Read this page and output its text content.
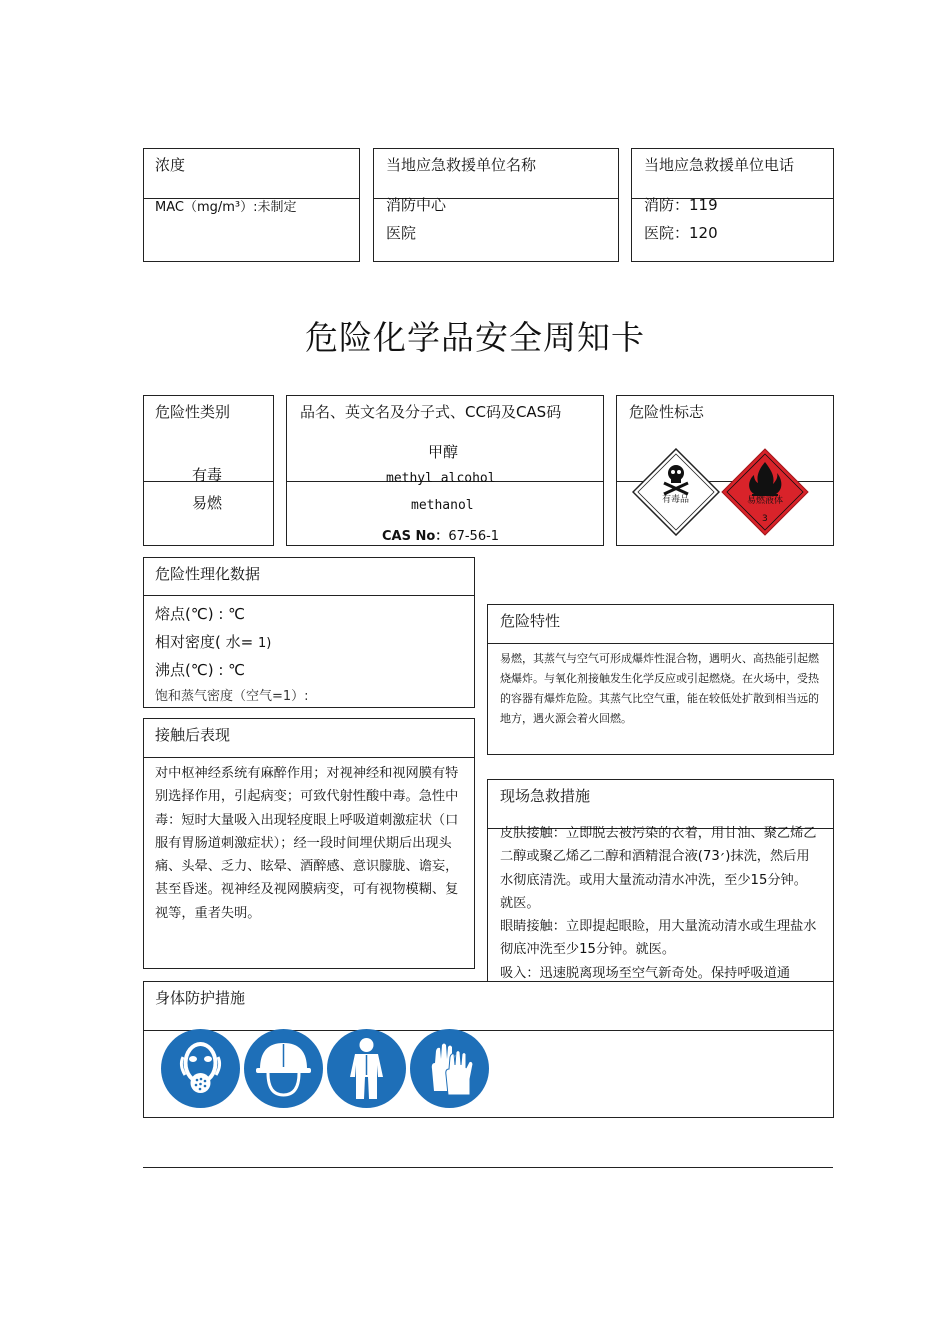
浓度
MAC（mg/m³）:未制定
当地应急救援单位名称
消防中心
医院
当地应急救援单位电话
消防：119
医院：120
危险化学品安全周知卡
危险性类别
有毒
易燃
品名、英文名及分子式、CC码及CAS码
甲醇
methyl alcohol
methanol
CAS No：67-56-1
危险性标志
有毒品	易燃液体
3
危险性理化数据
熔点(℃) : ℃
相对密度( 水= 1)
沸点(℃) : ℃
饱和蒸气密度（空气=1）:
危险特性
易燃，其蒸气与空气可形成爆炸性混合物，遇明火、高热能引起燃烧爆炸。与氧化剂接触发生化学反应或引起燃烧。在火场中，受热的容器有爆炸危险。其蒸气比空气重，能在较低处扩散到相当远的地方，遇火源会着火回燃。
接触后表现
对中枢神经系统有麻醉作用；对视神经和视网膜有特别选择作用，引起病变；可致代射性酸中毒。急性中毒：短时大量吸入出现轻度眼上呼吸道刺激症状（口服有胃肠道刺激症状）；经一段时间埋伏期后出现头痛、头晕、乏力、眩晕、酒醉感、意识朦胧、谵妄，甚至昏迷。视神经及视网膜病变，可有视物模糊、复视等，重者失明。
现场急救措施

皮肤接触：立即脱去被污染的衣着，用甘油、聚乙烯乙二醇或聚乙烯乙二醇和酒精混合液(7׳3)抹洗，然后用水彻底清洗。或用大量流动清水冲洗，至少15分钟。就医。

眼睛接触：立即提起眼睑，用大量流动清水或生理盐水彻底冲洗至少15分钟。就医。

吸入：迅速脱离现场至空气新奇处。保持呼吸道通

身体防护措施
